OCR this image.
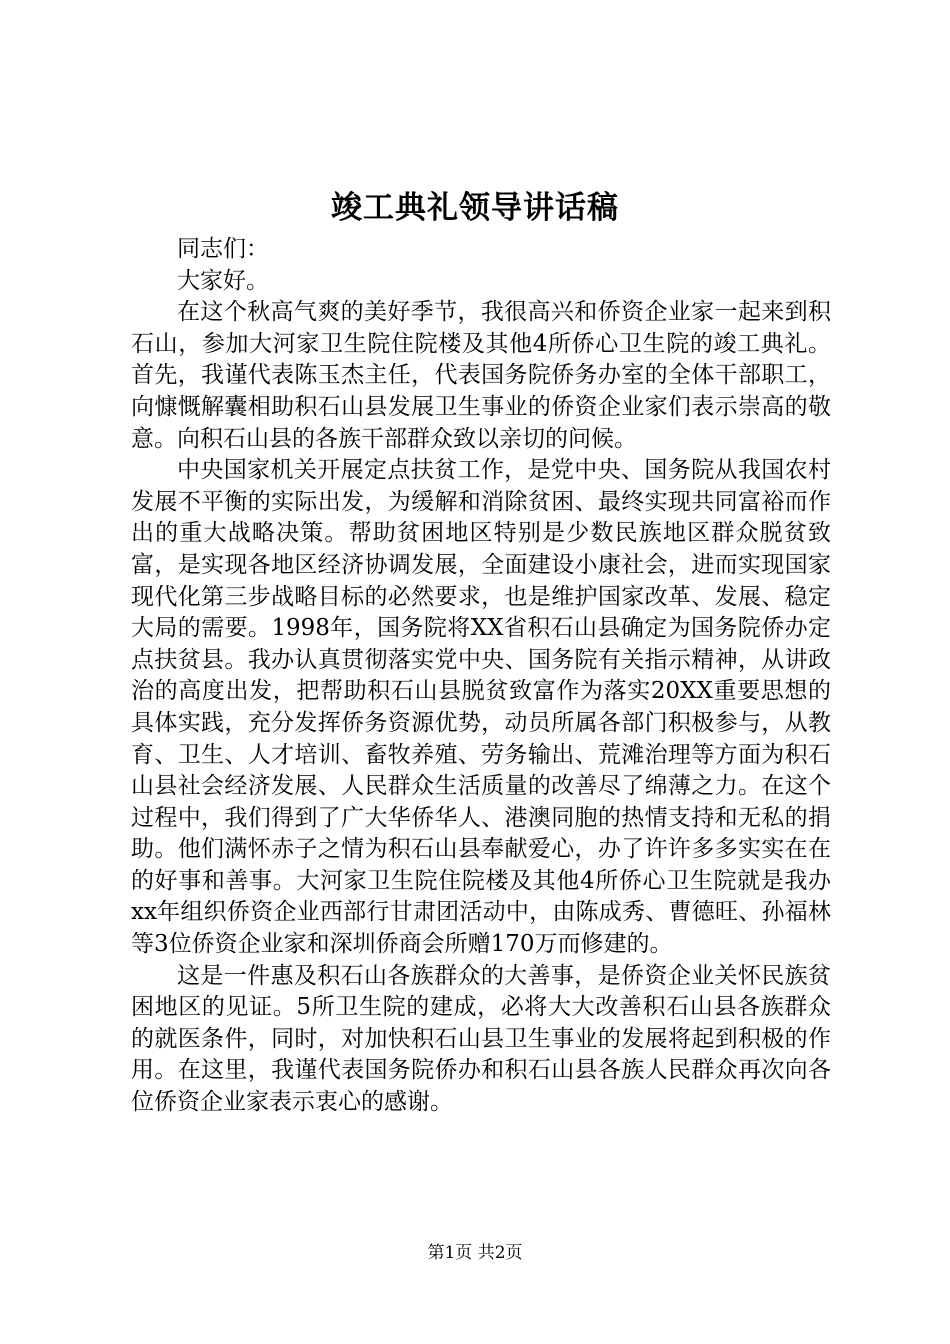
竣工典礼领导讲话稿

同志们：

大家好。

在这个秋高气爽的美好季节，我很高兴和侨资企业家一起来到积石山，参加大河家卫生院住院楼及其他4所侨心卫生院的竣工典礼。首先，我谨代表陈玉杰主任，代表国务院侨务办室的全体干部职工，向慷慨解囊相助积石山县发展卫生事业的侨资企业家们表示崇高的敬意。向积石山县的各族干部群众致以亲切的问候。

中央国家机关开展定点扶贫工作，是党中央、国务院从我国农村发展不平衡的实际出发，为缓解和消除贫困、最终实现共同富裕而作出的重大战略决策。帮助贫困地区特别是少数民族地区群众脱贫致富，是实现各地区经济协调发展，全面建设小康社会，进而实现国家现代化第三步战略目标的必然要求，也是维护国家改革、发展、稳定大局的需要。1998年，国务院将XX省积石山县确定为国务院侨办定点扶贫县。我办认真贯彻落实党中央、国务院有关指示精神，从讲政治的高度出发，把帮助积石山县脱贫致富作为落实20XX重要思想的具体实践，充分发挥侨务资源优势，动员所属各部门积极参与，从教育、卫生、人才培训、畜牧养殖、劳务输出、荒滩治理等方面为积石山县社会经济发展、人民群众生活质量的改善尽了绵薄之力。在这个过程中，我们得到了广大华侨华人、港澳同胞的热情支持和无私的捐助。他们满怀赤子之情为积石山县奉献爱心，办了许许多多实实在在的好事和善事。大河家卫生院住院楼及其他4所侨心卫生院就是我办xx年组织侨资企业西部行甘肃团活动中，由陈成秀、曹德旺、孙福林等3位侨资企业家和深圳侨商会所赠170万而修建的。

这是一件惠及积石山各族群众的大善事，是侨资企业关怀民族贫困地区的见证。5所卫生院的建成，必将大大改善积石山县各族群众的就医条件，同时，对加快积石山县卫生事业的发展将起到积极的作用。在这里，我谨代表国务院侨办和积石山县各族人民群众再次向各位侨资企业家表示衷心的感谢。

第1页 共2页
